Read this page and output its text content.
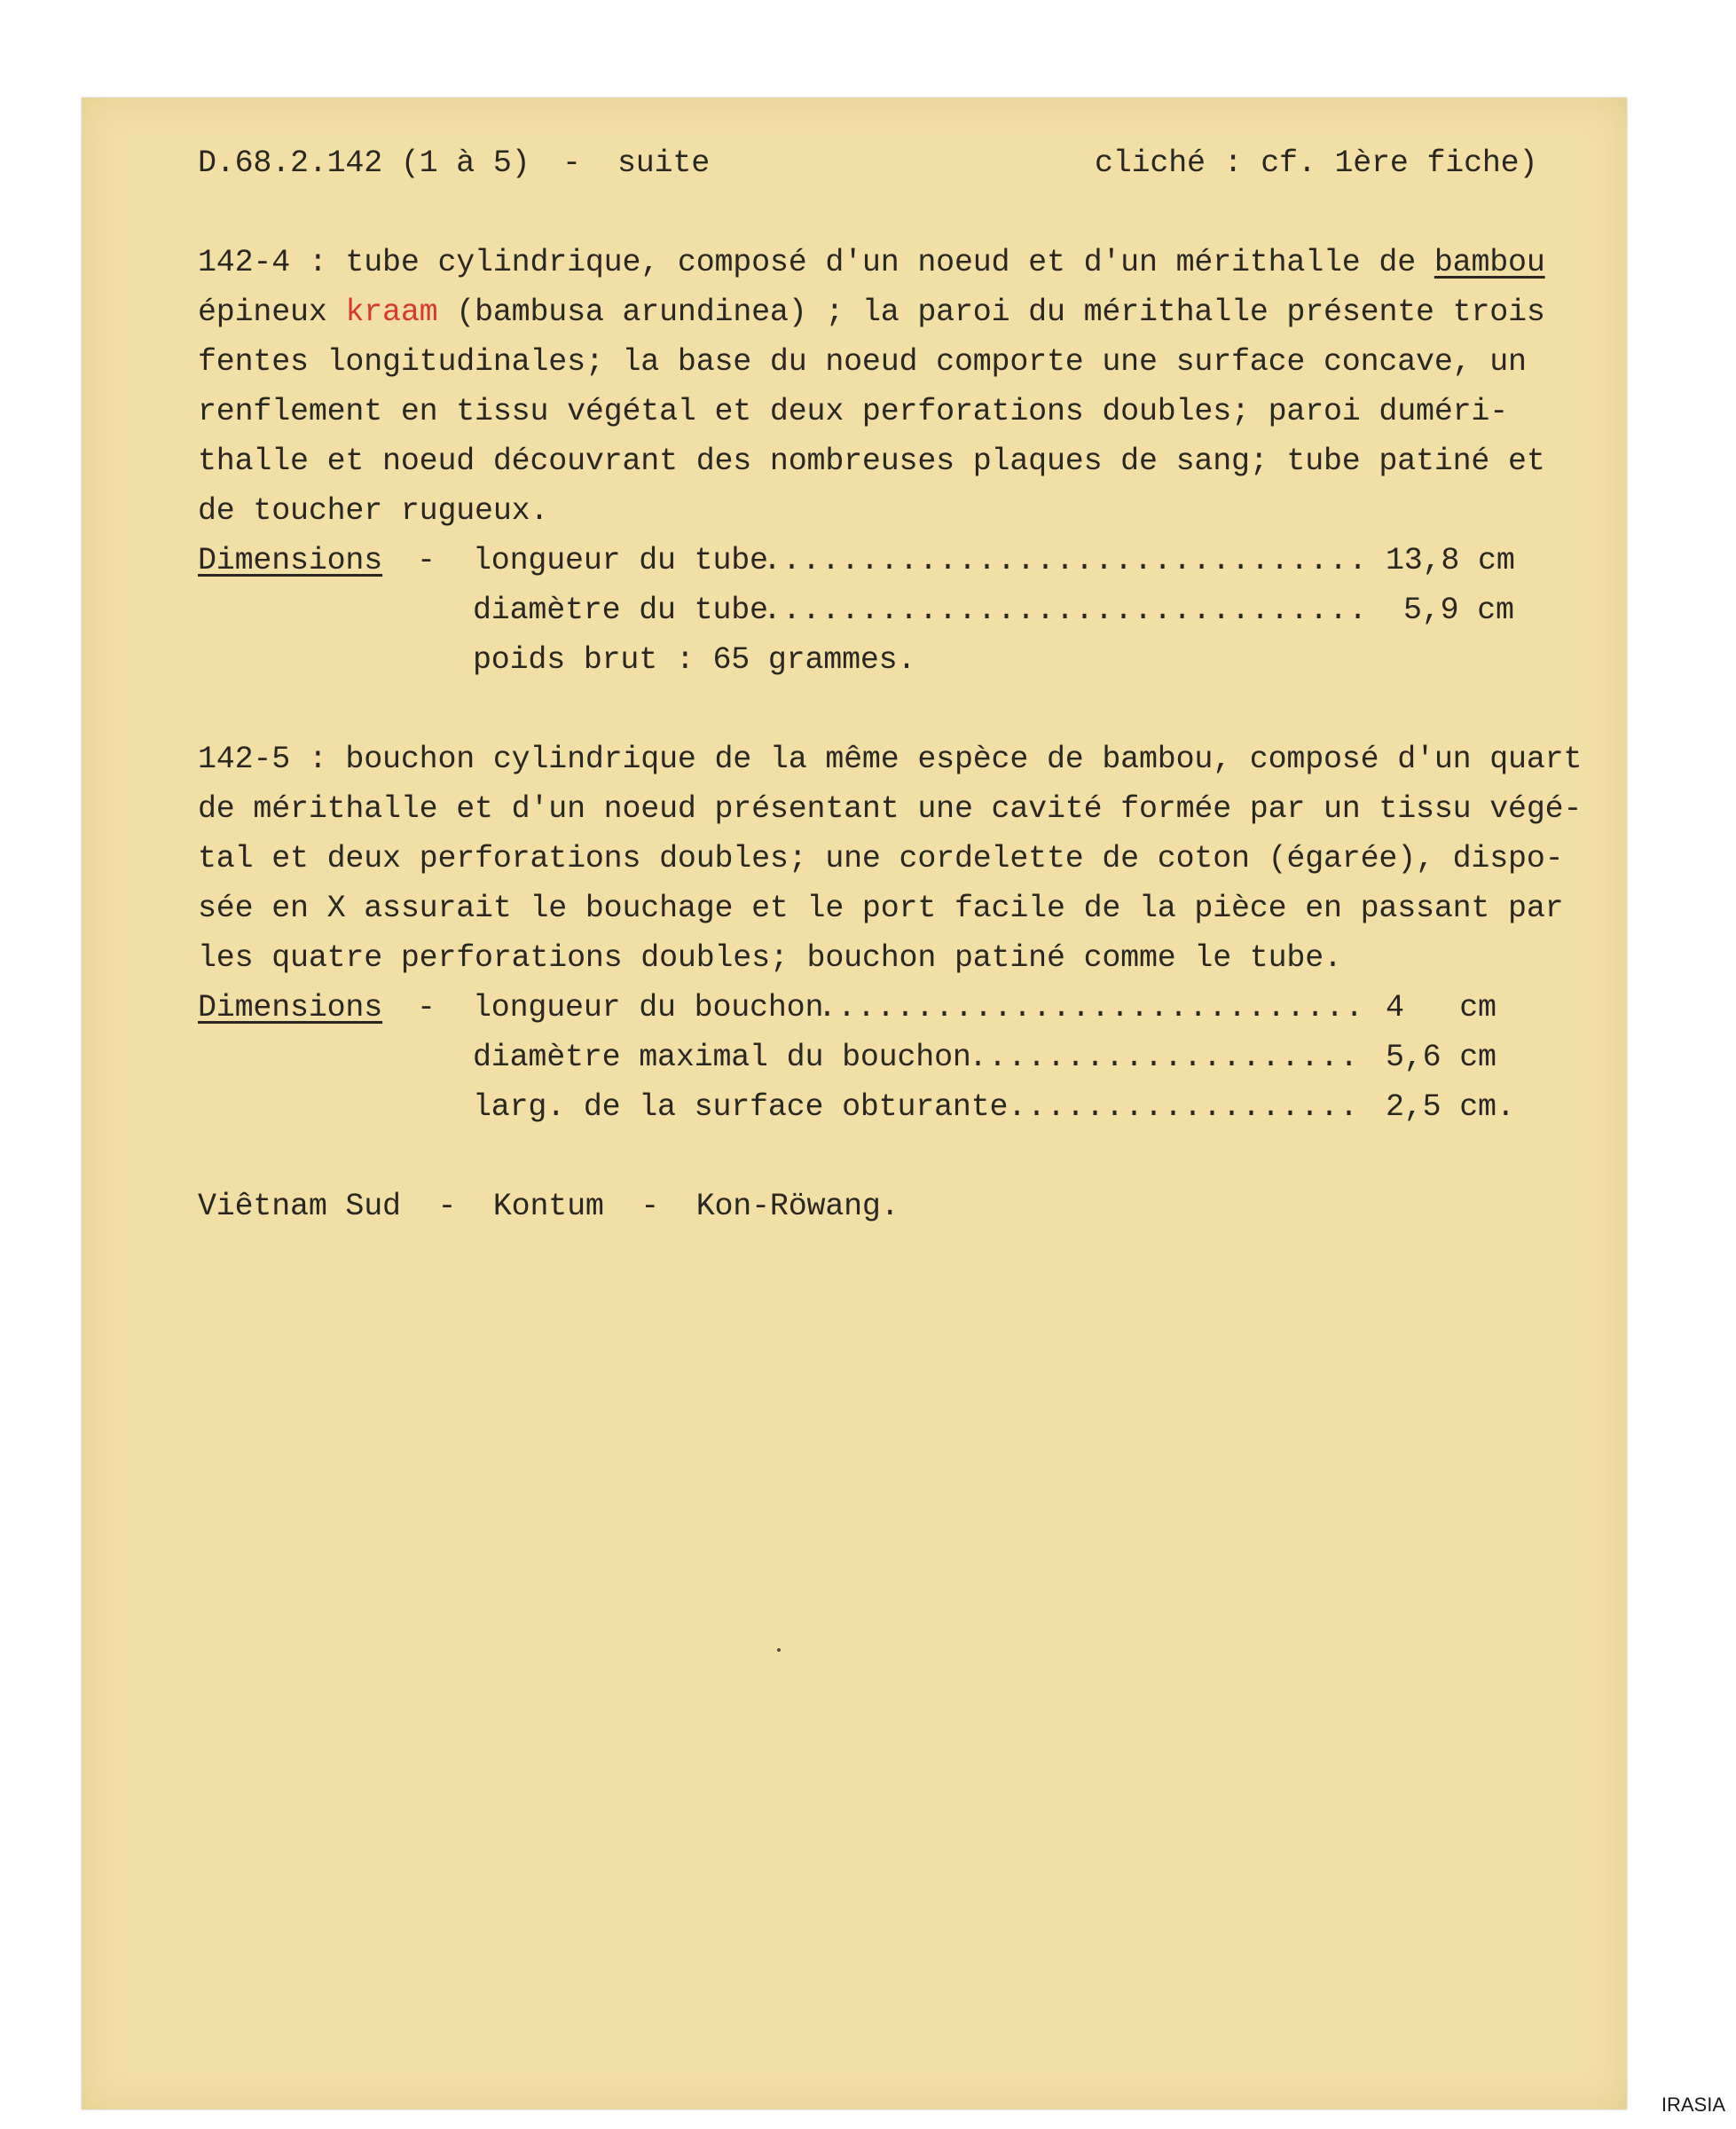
D.68.2.142 (1 à 5) - suite	cliché : cf. 1ère fiche)
142-4 : tube cylindrique, composé d'un noeud et d'un mérithalle de bambou
épineux kraam (bambusa arundinea) ; la paroi du mérithalle présente trois
fentes longitudinales; la base du noeud comporte une surface concave, un
renflement en tissu végétal et deux perforations doubles; paroi duméri-
thalle et noeud découvrant des nombreuses plaques de sang; tube patiné et
de toucher rugueux.
Dimensions - longueur du tube
............................... 13,8 cm
diamètre du tube
............................... 5,9 cm
poids brut : 65 grammes.
142-5 : bouchon cylindrique de la même espèce de bambou, composé d'un quart
de mérithalle et d'un noeud présentant une cavité formée par un tissu végé-
tal et deux perforations doubles; une cordelette de coton (égarée), dispo-
sée en X assurait le bouchage et le port facile de la pièce en passant par
les quatre perforations doubles; bouchon patiné comme le tube.
Dimensions - longueur du bouchon
............................ 4   cm
diamètre maximal du bouchon
.................... 5,6 cm
larg. de la surface obturante .................. 2,5 cm.
Viêtnam Sud  -  Kontum  -  Kon-Röwang.
IRASIA
